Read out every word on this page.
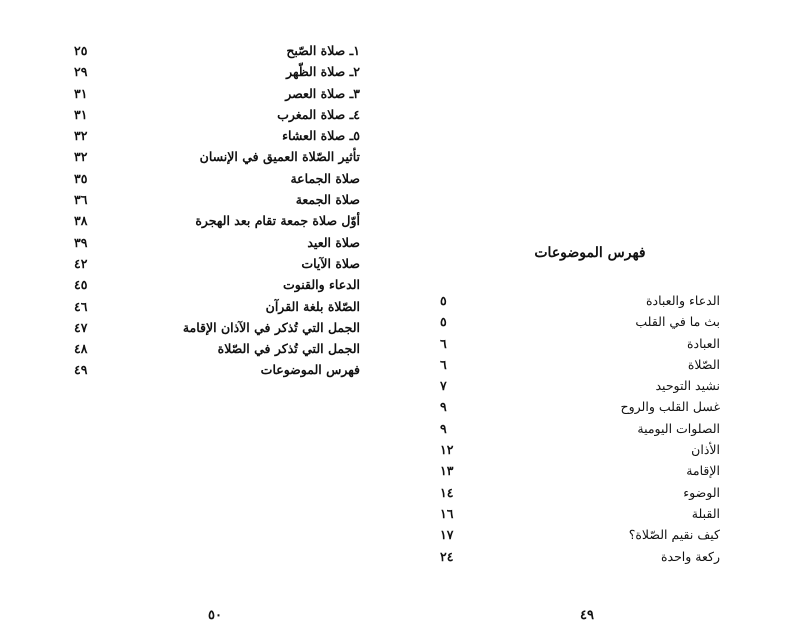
١ـ صلاة الصّبح
٢٥
٢ـ صلاة الظّهر
٢٩
٣ـ صلاة العصر
٣١
٤ـ صلاة المغرب
٣١
٥ـ صلاة العشاء
٣٢
تأثير الصّلاة العميق في الإنسان
٣٢
صلاة الجماعة
٣٥
صلاة الجمعة
٣٦
أوّل صلاة جمعة تقام بعد الهجرة
٣٨
صلاة العيد
٣٩
صلاة الآيات
٤٢
الدعاء والقنوت
٤٥
الصّلاة بلغة القرآن
٤٦
الجمل التي تُذكر في الآذان الإقامة
٤٧
الجمل التي تُذكر في الصّلاة
٤٨
فهرس الموضوعات
٤٩
٥٠
فهرس الموضوعات
الدعاء والعبادة
٥
بث ما في القلب
٥
العبادة
٦
الصّلاة
٦
نشيد التوحيد
٧
غسل القلب والروح
٩
الصلوات اليومية
٩
الأذان
١٢
الإقامة
١٣
الوضوء
١٤
القبلة
١٦
كيف نقيم الصّلاة؟
١٧
ركعة واحدة
٢٤
٤٩
